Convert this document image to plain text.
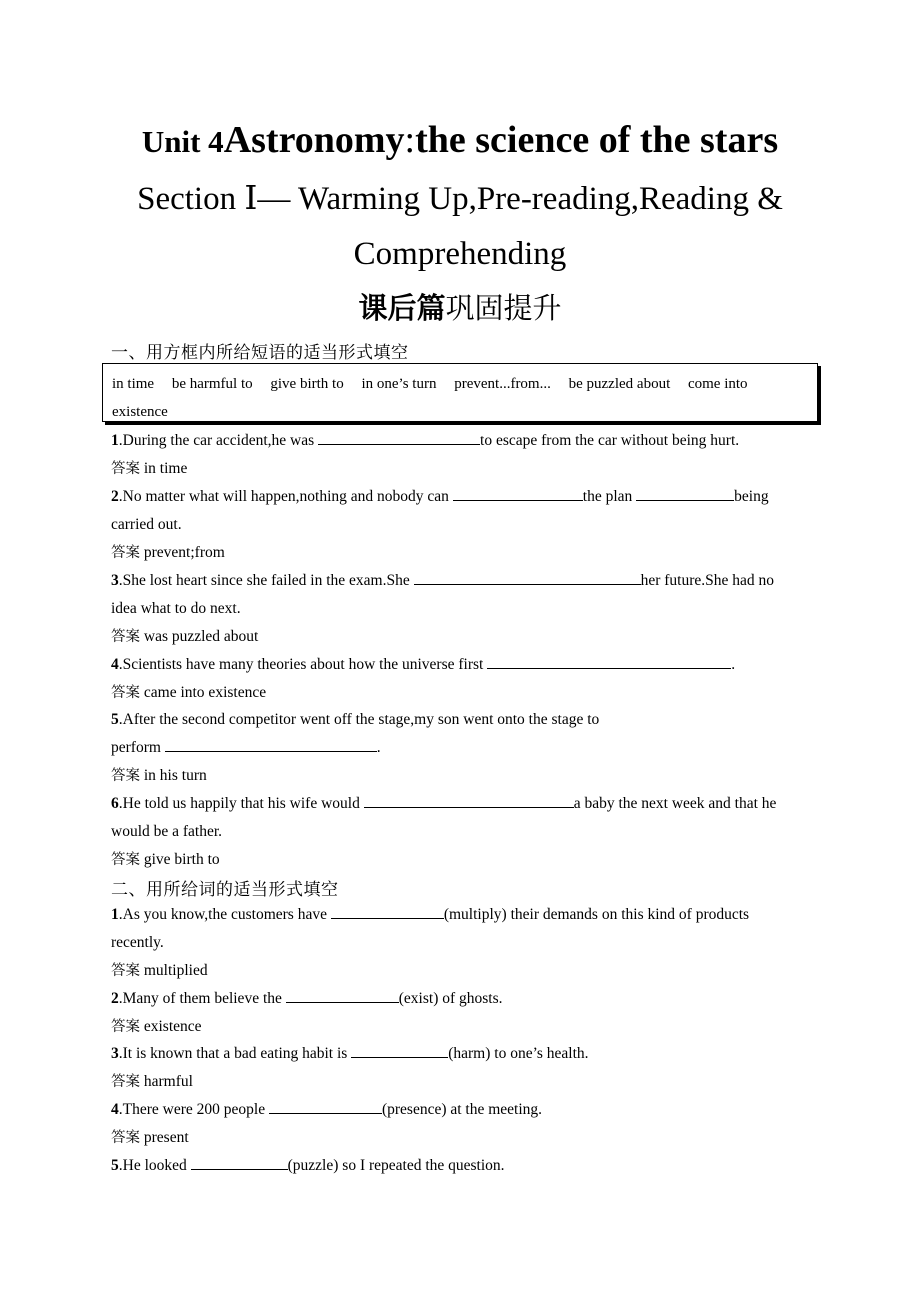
Unit 4Astronomy:the science of the stars
Section Ⅰ— Warming Up,Pre-reading,Reading & Comprehending
课后篇巩固提升
一、用方框内所给短语的适当形式填空
in time be harmful to give birth to in one’s turn prevent...from... be puzzled about come into existence
1.During the car accident,he was	to escape from the car without being hurt.
答案 in time
2.No matter what will happen,nothing and nobody can	the plan	being
carried out.
答案 prevent;from
3.She lost heart since she failed in the exam.She	her future.She had no
idea what to do next.
答案 was puzzled about
4.Scientists have many theories about how the universe first	.
答案 came into existence
5.After the second competitor went off the stage,my son went onto the stage to
perform	.
答案 in his turn
6.He told us happily that his wife would	a baby the next week and that he
would be a father.
答案 give birth to
二、用所给词的适当形式填空
1.As you know,the customers have	(multiply) their demands on this kind of products
recently.
答案 multiplied
2.Many of them believe the	(exist) of ghosts.
答案 existence
3.It is known that a bad eating habit is	(harm) to one’s health.
答案 harmful
4.There were 200 people	(presence) at the meeting.
答案 present
5.He looked	(puzzle) so I repeated the question.
